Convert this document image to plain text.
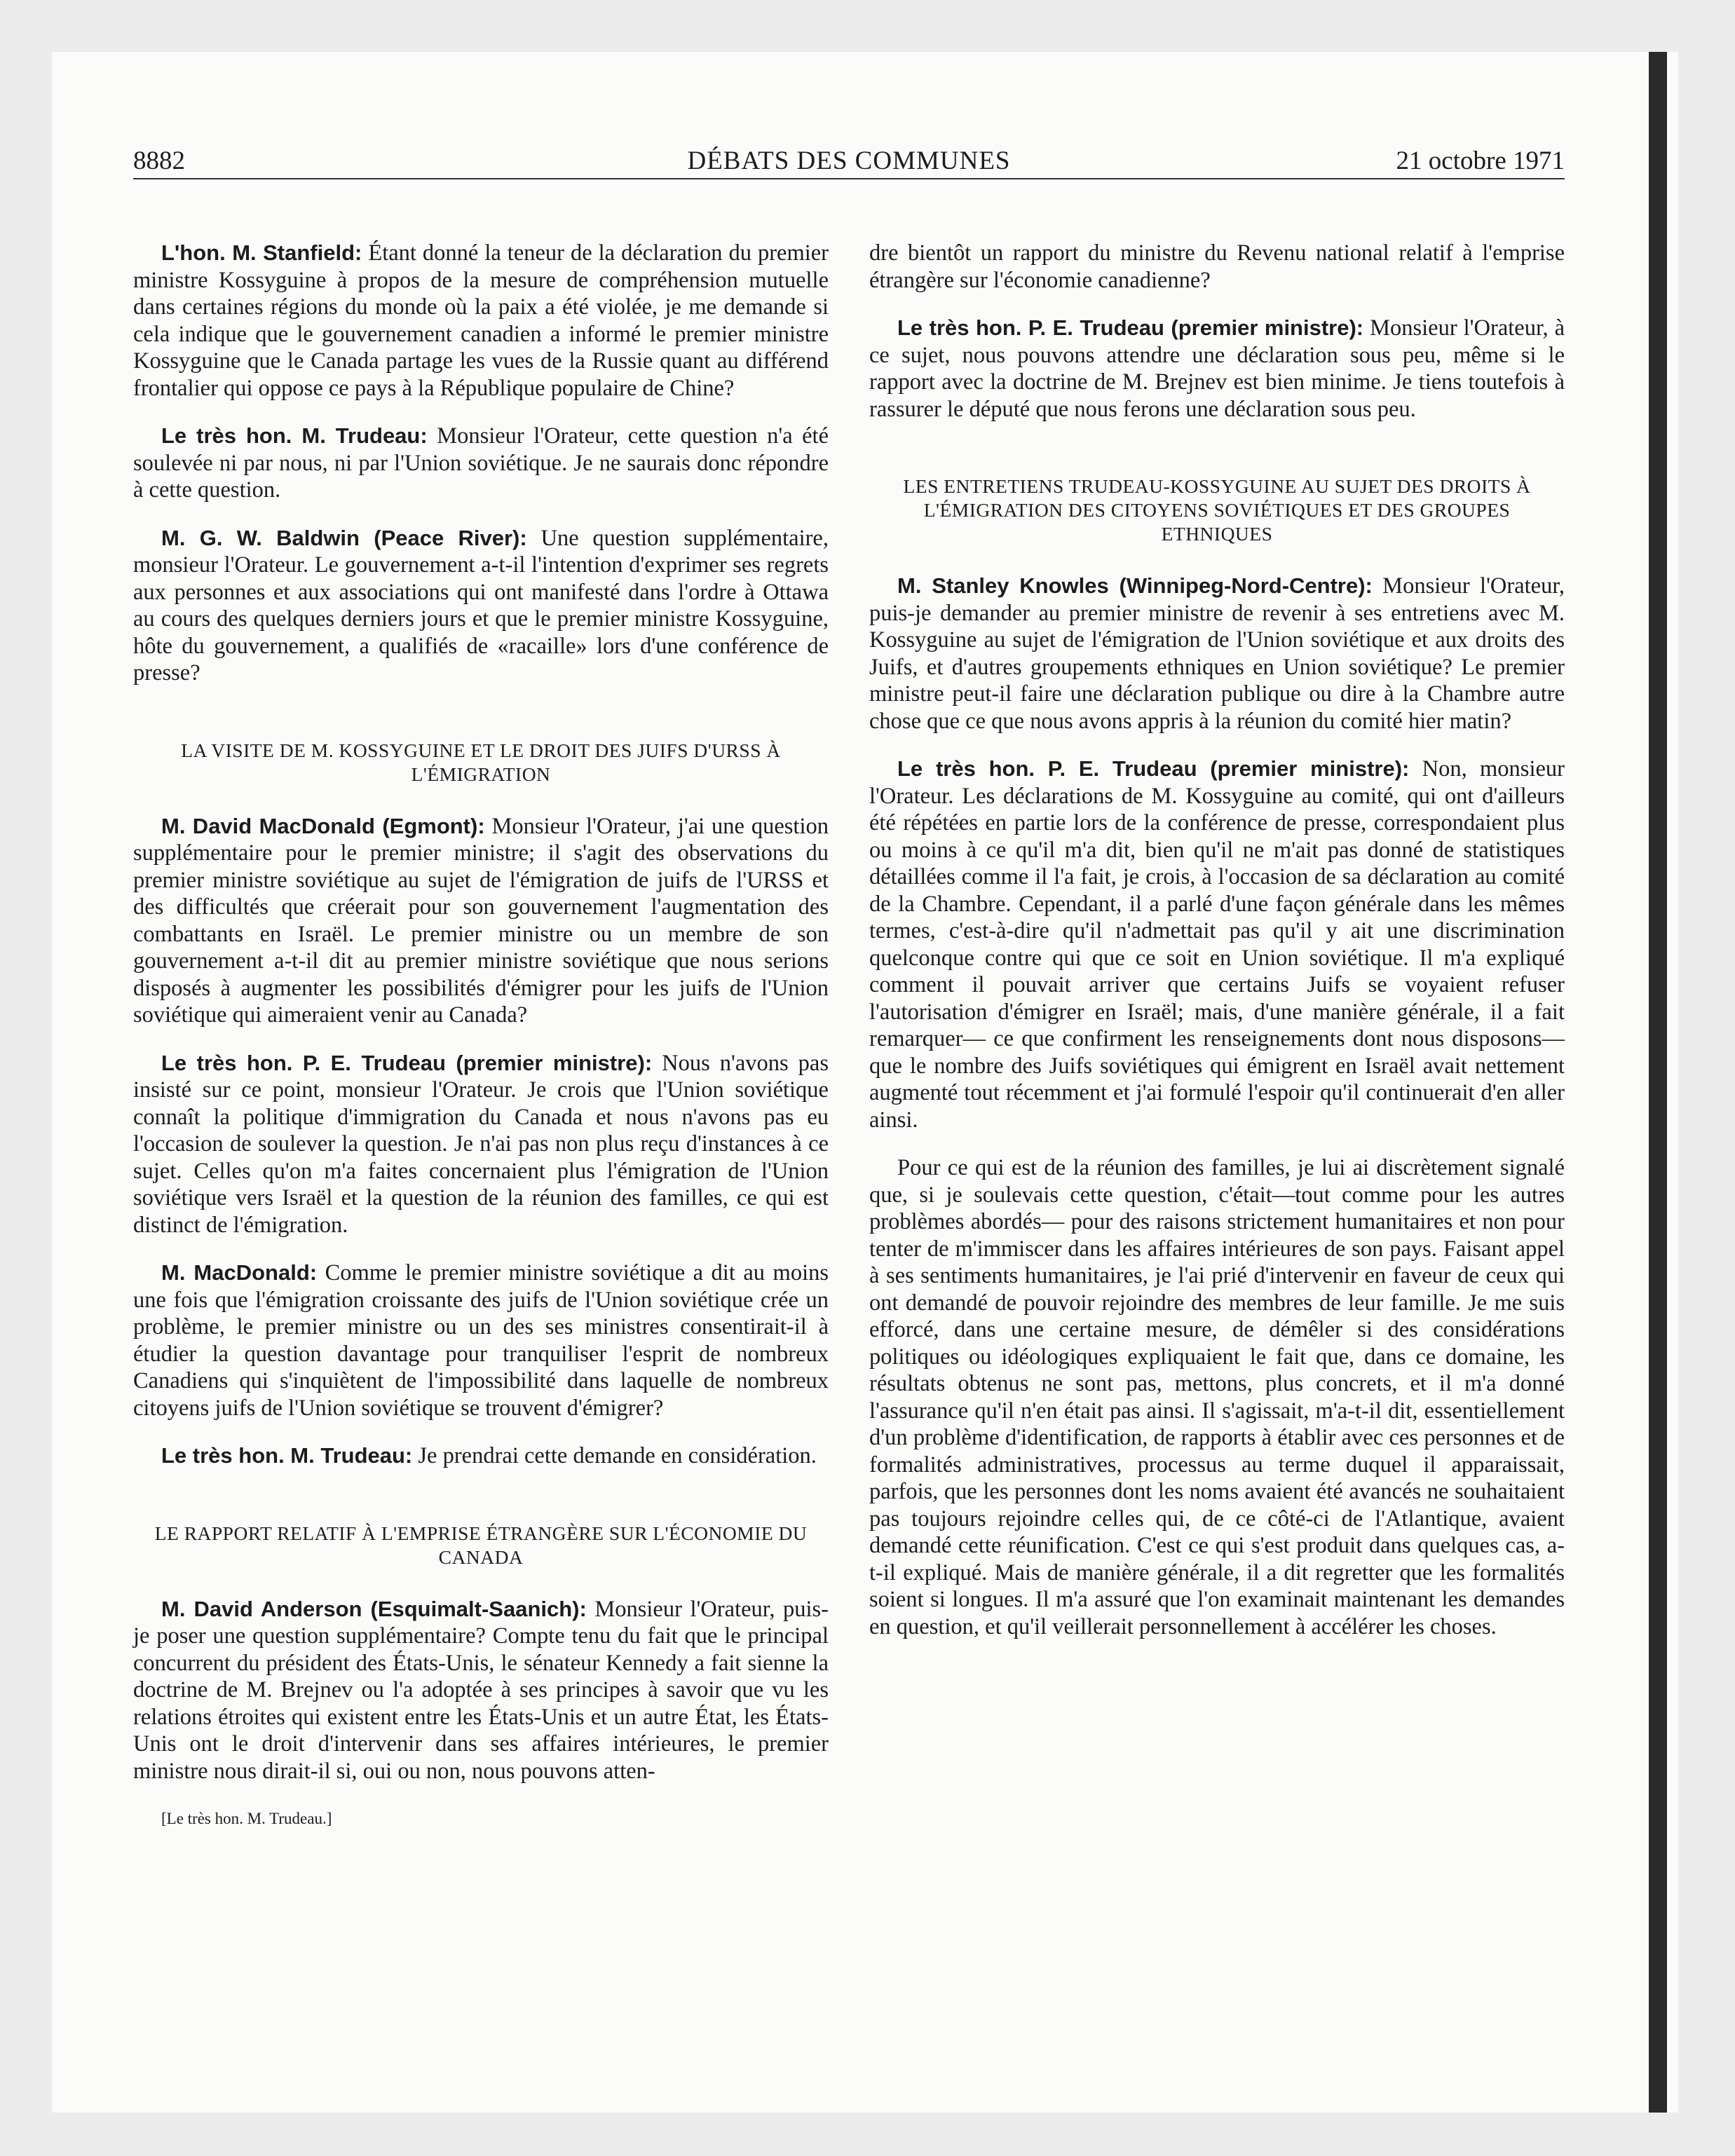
8882	DÉBATS DES COMMUNES	21 octobre 1971

L'hon. M. Stanfield: Étant donné la teneur de la déclaration du premier ministre Kossyguine à propos de la mesure de compréhension mutuelle dans certaines régions du monde où la paix a été violée, je me demande si cela indique que le gouvernement canadien a informé le premier ministre Kossyguine que le Canada partage les vues de la Russie quant au différend frontalier qui oppose ce pays à la République populaire de Chine?

Le très hon. M. Trudeau: Monsieur l'Orateur, cette question n'a été soulevée ni par nous, ni par l'Union soviétique. Je ne saurais donc répondre à cette question.

M. G. W. Baldwin (Peace River): Une question supplémentaire, monsieur l'Orateur. Le gouvernement a-t-il l'intention d'exprimer ses regrets aux personnes et aux associations qui ont manifesté dans l'ordre à Ottawa au cours des quelques derniers jours et que le premier ministre Kossyguine, hôte du gouvernement, a qualifiés de «racaille» lors d'une conférence de presse?

LA VISITE DE M. KOSSYGUINE ET LE DROIT DES JUIFS D'URSS À L'ÉMIGRATION

M. David MacDonald (Egmont): Monsieur l'Orateur, j'ai une question supplémentaire pour le premier ministre; il s'agit des observations du premier ministre soviétique au sujet de l'émigration de juifs de l'URSS et des difficultés que créerait pour son gouvernement l'augmentation des combattants en Israël. Le premier ministre ou un membre de son gouvernement a-t-il dit au premier ministre soviétique que nous serions disposés à augmenter les possibilités d'émigrer pour les juifs de l'Union soviétique qui aimeraient venir au Canada?

Le très hon. P. E. Trudeau (premier ministre): Nous n'avons pas insisté sur ce point, monsieur l'Orateur. Je crois que l'Union soviétique connaît la politique d'immigration du Canada et nous n'avons pas eu l'occasion de soulever la question. Je n'ai pas non plus reçu d'instances à ce sujet. Celles qu'on m'a faites concernaient plus l'émigration de l'Union soviétique vers Israël et la question de la réunion des familles, ce qui est distinct de l'émigration.

M. MacDonald: Comme le premier ministre soviétique a dit au moins une fois que l'émigration croissante des juifs de l'Union soviétique crée un problème, le premier ministre ou un des ses ministres consentirait-il à étudier la question davantage pour tranquiliser l'esprit de nombreux Canadiens qui s'inquiètent de l'impossibilité dans laquelle de nombreux citoyens juifs de l'Union soviétique se trouvent d'émigrer?

Le très hon. M. Trudeau: Je prendrai cette demande en considération.

LE RAPPORT RELATIF À L'EMPRISE ÉTRANGÈRE SUR L'ÉCONOMIE DU CANADA

M. David Anderson (Esquimalt-Saanich): Monsieur l'Orateur, puis-je poser une question supplémentaire? Compte tenu du fait que le principal concurrent du président des États-Unis, le sénateur Kennedy a fait sienne la doctrine de M. Brejnev ou l'a adoptée à ses principes à savoir que vu les relations étroites qui existent entre les États-Unis et un autre État, les États-Unis ont le droit d'intervenir dans ses affaires intérieures, le premier ministre nous dirait-il si, oui ou non, nous pouvons atten-

[Le très hon. M. Trudeau.]

dre bientôt un rapport du ministre du Revenu national relatif à l'emprise étrangère sur l'économie canadienne?

Le très hon. P. E. Trudeau (premier ministre): Monsieur l'Orateur, à ce sujet, nous pouvons attendre une déclaration sous peu, même si le rapport avec la doctrine de M. Brejnev est bien minime. Je tiens toutefois à rassurer le député que nous ferons une déclaration sous peu.

LES ENTRETIENS TRUDEAU-KOSSYGUINE AU SUJET DES DROITS À L'ÉMIGRATION DES CITOYENS SOVIÉTIQUES ET DES GROUPES ETHNIQUES

M. Stanley Knowles (Winnipeg-Nord-Centre): Monsieur l'Orateur, puis-je demander au premier ministre de revenir à ses entretiens avec M. Kossyguine au sujet de l'émigration de l'Union soviétique et aux droits des Juifs, et d'autres groupements ethniques en Union soviétique? Le premier ministre peut-il faire une déclaration publique ou dire à la Chambre autre chose que ce que nous avons appris à la réunion du comité hier matin?

Le très hon. P. E. Trudeau (premier ministre): Non, monsieur l'Orateur. Les déclarations de M. Kossyguine au comité, qui ont d'ailleurs été répétées en partie lors de la conférence de presse, correspondaient plus ou moins à ce qu'il m'a dit, bien qu'il ne m'ait pas donné de statistiques détaillées comme il l'a fait, je crois, à l'occasion de sa déclaration au comité de la Chambre. Cependant, il a parlé d'une façon générale dans les mêmes termes, c'est-à-dire qu'il n'admettait pas qu'il y ait une discrimination quelconque contre qui que ce soit en Union soviétique. Il m'a expliqué comment il pouvait arriver que certains Juifs se voyaient refuser l'autorisation d'émigrer en Israël; mais, d'une manière générale, il a fait remarquer— ce que confirment les renseignements dont nous disposons—que le nombre des Juifs soviétiques qui émigrent en Israël avait nettement augmenté tout récemment et j'ai formulé l'espoir qu'il continuerait d'en aller ainsi.

Pour ce qui est de la réunion des familles, je lui ai discrètement signalé que, si je soulevais cette question, c'était—tout comme pour les autres problèmes abordés— pour des raisons strictement humanitaires et non pour tenter de m'immiscer dans les affaires intérieures de son pays. Faisant appel à ses sentiments humanitaires, je l'ai prié d'intervenir en faveur de ceux qui ont demandé de pouvoir rejoindre des membres de leur famille. Je me suis efforcé, dans une certaine mesure, de démêler si des considérations politiques ou idéologiques expliquaient le fait que, dans ce domaine, les résultats obtenus ne sont pas, mettons, plus concrets, et il m'a donné l'assurance qu'il n'en était pas ainsi. Il s'agissait, m'a-t-il dit, essentiellement d'un problème d'identification, de rapports à établir avec ces personnes et de formalités administratives, processus au terme duquel il apparaissait, parfois, que les personnes dont les noms avaient été avancés ne souhaitaient pas toujours rejoindre celles qui, de ce côté-ci de l'Atlantique, avaient demandé cette réunification. C'est ce qui s'est produit dans quelques cas, a-t-il expliqué. Mais de manière générale, il a dit regretter que les formalités soient si longues. Il m'a assuré que l'on examinait maintenant les demandes en question, et qu'il veillerait personnellement à accélérer les choses.
